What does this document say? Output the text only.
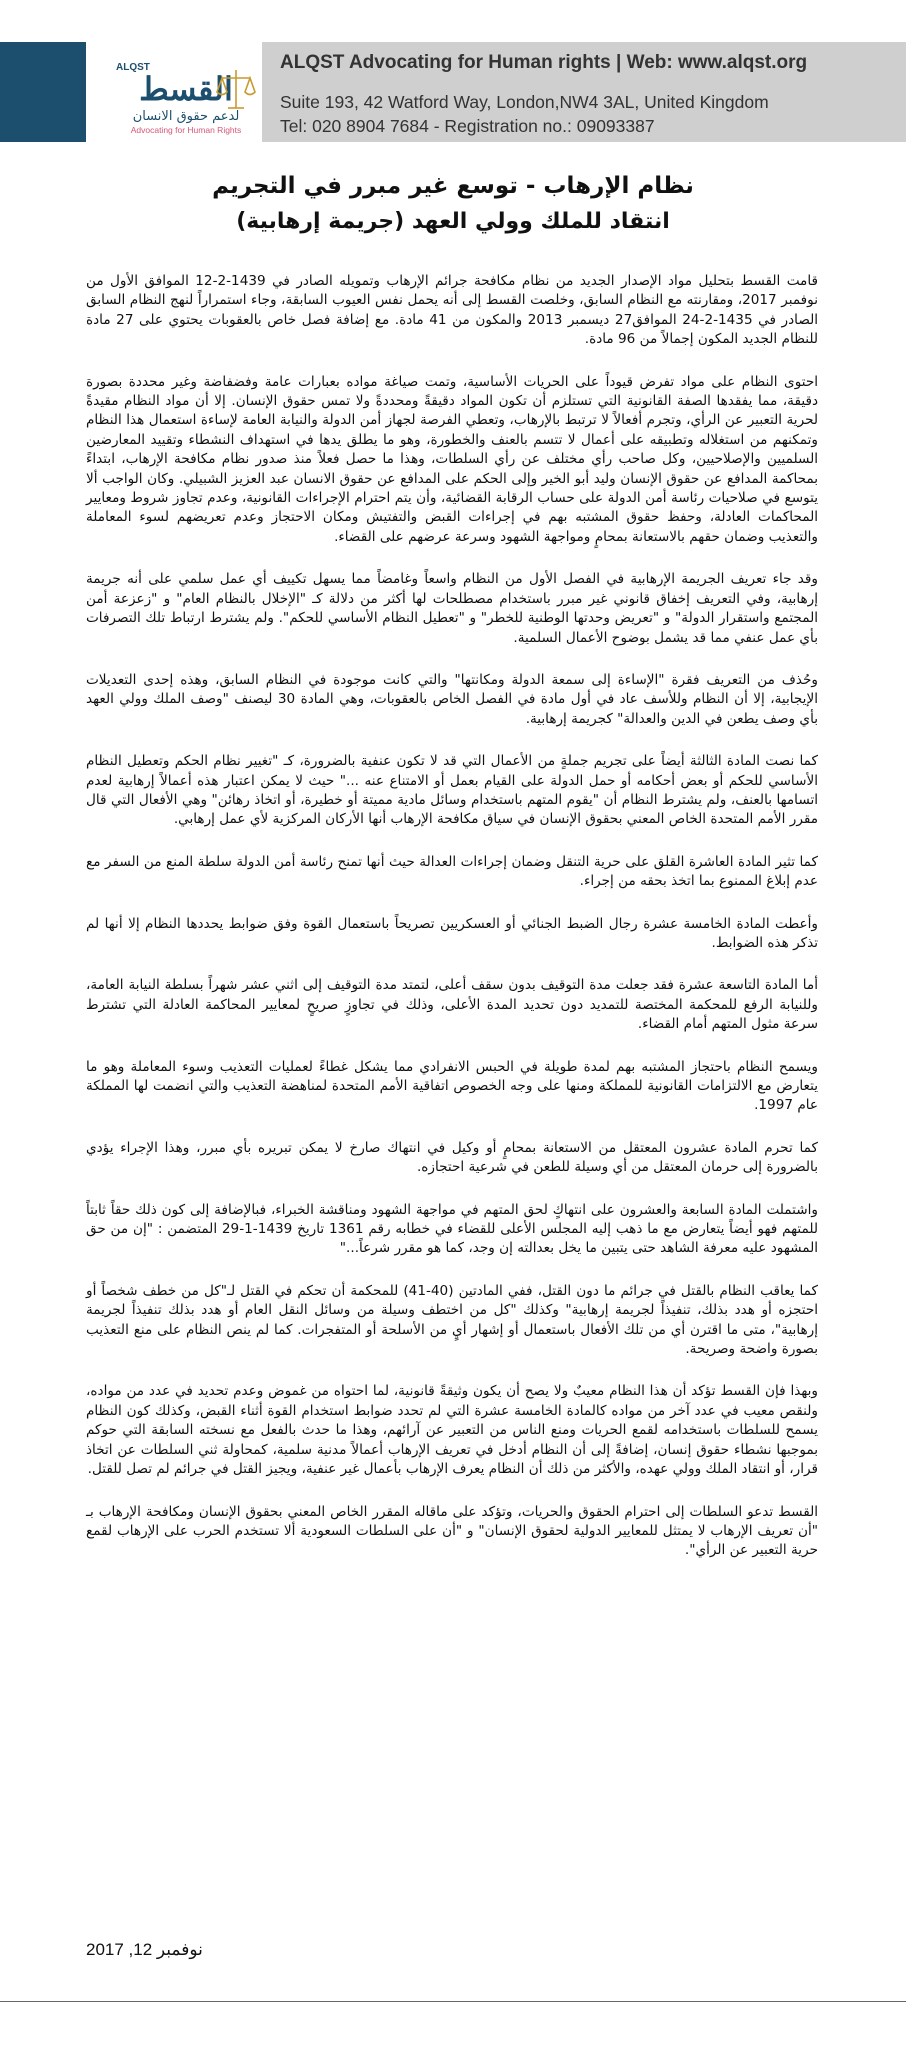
ALQST
القسط
لدعم حقوق الانسان
Advocating for Human Rights
ALQST Advocating for Human rights | Web: www.alqst.org
Suite 193, 42 Watford Way, London,NW4 3AL, United Kingdom
Tel: 020 8904 7684 - Registration no.: 09093387
نظام الإرهاب - توسع غير مبرر في التجريم
انتقاد للملك وولي العهد (جريمة إرهابية)

قامت القسط بتحليل مواد الإصدار الجديد من نظام مكافحة جرائم الإرهاب وتمويله الصادر في 1439-2-12 الموافق الأول من نوفمبر 2017، ومقارنته مع النظام السابق، وخلصت القسط إلى أنه يحمل نفس العيوب السابقة، وجاء استمراراً لنهج النظام السابق الصادر في 1435-2-24 الموافق27 ديسمبر 2013 والمكون من 41 مادة. مع إضافة فصل خاص بالعقوبات يحتوي على 27 مادة للنظام الجديد المكون إجمالاً من 96 مادة.

احتوى النظام على مواد تفرض قيوداً على الحريات الأساسية، وتمت صياغة مواده بعبارات عامة وفضفاضة وغير محددة بصورة دقيقة، مما يفقدها الصفة القانونية التي تستلزم أن تكون المواد دقيقةً ومحددةً ولا تمس حقوق الإنسان. إلا أن مواد النظام مقيدةً لحرية التعبير عن الرأي، وتجرم أفعالاً لا ترتبط بالإرهاب، وتعطي الفرصة لجهاز أمن الدولة والنيابة العامة لإساءة استعمال هذا النظام وتمكنهم من استغلاله وتطبيقه على أعمال لا تتسم بالعنف والخطورة، وهو ما يطلق يدها في استهداف النشطاء وتقييد المعارضين السلميين والإصلاحيين، وكل صاحب رأي مختلف عن رأي السلطات، وهذا ما حصل فعلاً منذ صدور نظام مكافحة الإرهاب، ابتداءً بمحاكمة المدافع عن حقوق الإنسان وليد أبو الخير وإلى الحكم على المدافع عن حقوق الانسان عبد العزيز الشبيلي. وكان الواجب ألا يتوسع في صلاحيات رئاسة أمن الدولة على حساب الرقابة القضائية، وأن يتم احترام الإجراءات القانونية، وعدم تجاوز شروط ومعايير المحاكمات العادلة، وحفظ حقوق المشتبه بهم في إجراءات القبض والتفتيش ومكان الاحتجاز وعدم تعريضهم لسوء المعاملة والتعذيب وضمان حقهم بالاستعانة بمحامٍ ومواجهة الشهود وسرعة عرضهم على القضاء.

وقد جاء تعريف الجريمة الإرهابية في الفصل الأول من النظام واسعاً وغامضاً مما يسهل تكييف أي عمل سلمي على أنه جريمة إرهابية، وفي التعريف إخفاق قانوني غير مبرر باستخدام مصطلحات لها أكثر من دلالة كـ "الإخلال بالنظام العام" و "زعزعة أمن المجتمع واستقرار الدولة" و "تعريض وحدتها الوطنية للخطر" و "تعطيل النظام الأساسي للحكم". ولم يشترط ارتباط تلك التصرفات بأي عمل عنفي مما قد يشمل بوضوح الأعمال السلمية.

وحُذف من التعريف فقرة "الإساءة إلى سمعة الدولة ومكانتها" والتي كانت موجودة في النظام السابق، وهذه إحدى التعديلات الإيجابية، إلا أن النظام وللأسف عاد في أول مادة في الفصل الخاص بالعقوبات، وهي المادة 30 ليصنف "وصف الملك وولي العهد بأي وصف يطعن في الدين والعدالة" كجريمة إرهابية.

كما نصت المادة الثالثة أيضاً على تجريم جملةٍ من الأعمال التي قد لا تكون عنفية بالضرورة، كـ "تغيير نظام الحكم وتعطيل النظام الأساسي للحكم أو بعض أحكامه أو حمل الدولة على القيام بعمل أو الامتناع عنه ..." حيث لا يمكن اعتبار هذه أعمالاً إرهابية لعدم اتسامها بالعنف، ولم يشترط النظام أن "يقوم المتهم باستخدام وسائل مادية مميتة أو خطيرة، أو اتخاذ رهائن" وهي الأفعال التي قال مقرر الأمم المتحدة الخاص المعني بحقوق الإنسان في سياق مكافحة الإرهاب أنها الأركان المركزية لأي عمل إرهابي.

كما تثير المادة العاشرة القلق على حرية التنقل وضمان إجراءات العدالة حيث أنها تمنح رئاسة أمن الدولة سلطة المنع من السفر مع عدم إبلاغ الممنوع بما اتخذ بحقه من إجراء.

وأعطت المادة الخامسة عشرة رجال الضبط الجنائي أو العسكريين تصريحاً باستعمال القوة وفق ضوابط يحددها النظام إلا أنها لم تذكر هذه الضوابط.

أما المادة التاسعة عشرة فقد جعلت مدة التوقيف بدون سقف أعلى، لتمتد مدة التوقيف إلى اثني عشر شهراً بسلطة النيابة العامة، وللنيابة الرفع للمحكمة المختصة للتمديد دون تحديد المدة الأعلى، وذلك في تجاوزٍ صريحٍ لمعايير المحاكمة العادلة التي تشترط سرعة مثول المتهم أمام القضاء.

ويسمح النظام باحتجاز المشتبه بهم لمدة طويلة في الحبس الانفرادي مما يشكل غطاءً لعمليات التعذيب وسوء المعاملة وهو ما يتعارض مع الالتزامات القانونية للمملكة ومنها على وجه الخصوص اتفاقية الأمم المتحدة لمناهضة التعذيب والتي انضمت لها المملكة عام 1997.

كما تحرم المادة عشرون المعتقل من الاستعانة بمحامٍ أو وكيل في انتهاك صارخ لا يمكن تبريره بأي مبرر، وهذا الإجراء يؤدي بالضرورة إلى حرمان المعتقل من أي وسيلة للطعن في شرعية احتجازه.

واشتملت المادة السابعة والعشرون على انتهاكٍ لحق المتهم في مواجهة الشهود ومناقشة الخبراء، فبالإضافة إلى كون ذلك حقاً ثابتاً للمتهم فهو أيضاً يتعارض مع ما ذهب إليه المجلس الأعلى للقضاء في خطابه رقم 1361 تاريخ 1439-1-29 المتضمن : "إن من حق المشهود عليه معرفة الشاهد حتى يتبين ما يخل بعدالته إن وجد، كما هو مقرر شرعاً..."

كما يعاقب النظام بالقتل في جرائم ما دون القتل، ففي المادتين (40-41) للمحكمة أن تحكم في القتل لـ"كل من خطف شخصاً أو احتجزه أو هدد بذلك، تنفيذاً لجريمة إرهابية" وكذلك "كل من اختطف وسيلة من وسائل النقل العام أو هدد بذلك تنفيذاً لجريمة إرهابية"، متى ما اقترن أي من تلك الأفعال باستعمال أو إشهار أيٍ من الأسلحة أو المتفجرات. كما لم ينص النظام على منع التعذيب بصورة واضحة وصريحة.

وبهذا فإن القسط تؤكد أن هذا النظام معيبٌ ولا يصح أن يكون وثيقةً قانونية، لما احتواه من غموض وعدم تحديد في عدد من مواده، ولنقص معيب في عدد آخر من مواده كالمادة الخامسة عشرة التي لم تحدد ضوابط استخدام القوة أثناء القبض، وكذلك كون النظام يسمح للسلطات باستخدامه لقمع الحريات ومنع الناس من التعبير عن آرائهم، وهذا ما حدث بالفعل مع نسخته السابقة التي حوكم بموجبها نشطاء حقوق إنسان، إضافةً إلى أن النظام أدخل في تعريف الإرهاب أعمالاً مدنية سلمية، كمحاولة ثني السلطات عن اتخاذ قرار، أو انتقاد الملك وولي عهده، والأكثر من ذلك أن النظام يعرف الإرهاب بأعمال غير عنفية، ويجيز القتل في جرائم لم تصل للقتل.

القسط تدعو السلطات إلى احترام الحقوق والحريات، وتؤكد على ماقاله المقرر الخاص المعني بحقوق الإنسان ومكافحة الإرهاب بـ "أن تعريف الإرهاب لا يمتثل للمعايير الدولية لحقوق الإنسان" و "أن على السلطات السعودية ألا تستخدم الحرب على الإرهاب لقمع حرية التعبير عن الرأي".

نوفمبر 12, 2017
